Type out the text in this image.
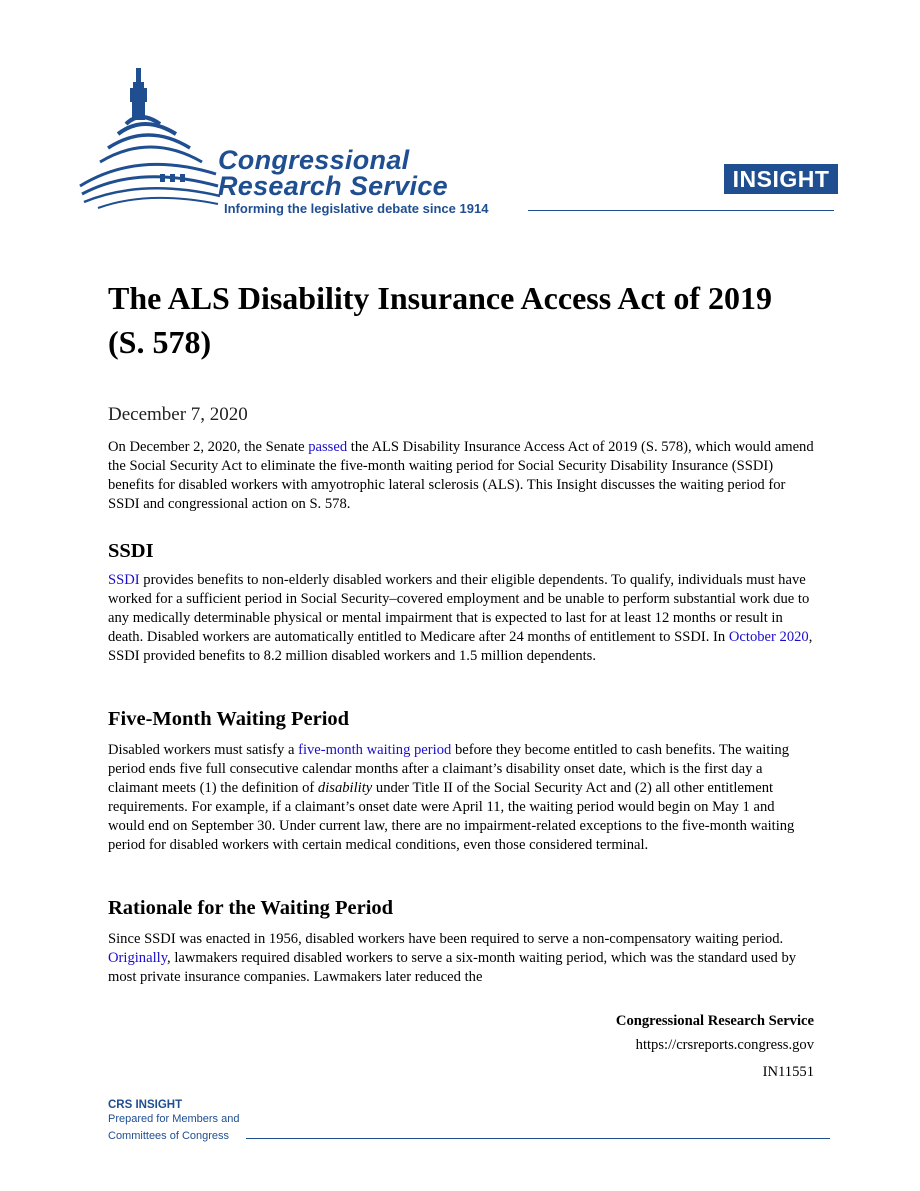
Congressional
Research Service
Informing the legislative debate since 1914
INSIGHT
The ALS Disability Insurance Access Act of 2019 (S. 578)
December 7, 2020

On December 2, 2020, the Senate passed the ALS Disability Insurance Access Act of 2019 (S. 578), which would amend the Social Security Act to eliminate the five-month waiting period for Social Security Disability Insurance (SSDI) benefits for disabled workers with amyotrophic lateral sclerosis (ALS). This Insight discusses the waiting period for SSDI and congressional action on S. 578.

SSDI

SSDI provides benefits to non-elderly disabled workers and their eligible dependents. To qualify, individuals must have worked for a sufficient period in Social Security–covered employment and be unable to perform substantial work due to any medically determinable physical or mental impairment that is expected to last for at least 12 months or result in death. Disabled workers are automatically entitled to Medicare after 24 months of entitlement to SSDI. In October 2020, SSDI provided benefits to 8.2 million disabled workers and 1.5 million dependents.

Five-Month Waiting Period

Disabled workers must satisfy a five-month waiting period before they become entitled to cash benefits. The waiting period ends five full consecutive calendar months after a claimant’s disability onset date, which is the first day a claimant meets (1) the definition of disability under Title II of the Social Security Act and (2) all other entitlement requirements. For example, if a claimant’s onset date were April 11, the waiting period would begin on May 1 and would end on September 30. Under current law, there are no impairment-related exceptions to the five-month waiting period for disabled workers with certain medical conditions, even those considered terminal.

Rationale for the Waiting Period

Since SSDI was enacted in 1956, disabled workers have been required to serve a non-compensatory waiting period. Originally, lawmakers required disabled workers to serve a six-month waiting period, which was the standard used by most private insurance companies. Lawmakers later reduced the

Congressional Research Service
https://crsreports.congress.gov
IN11551
CRS INSIGHT
Prepared for Members and
Committees of Congress
